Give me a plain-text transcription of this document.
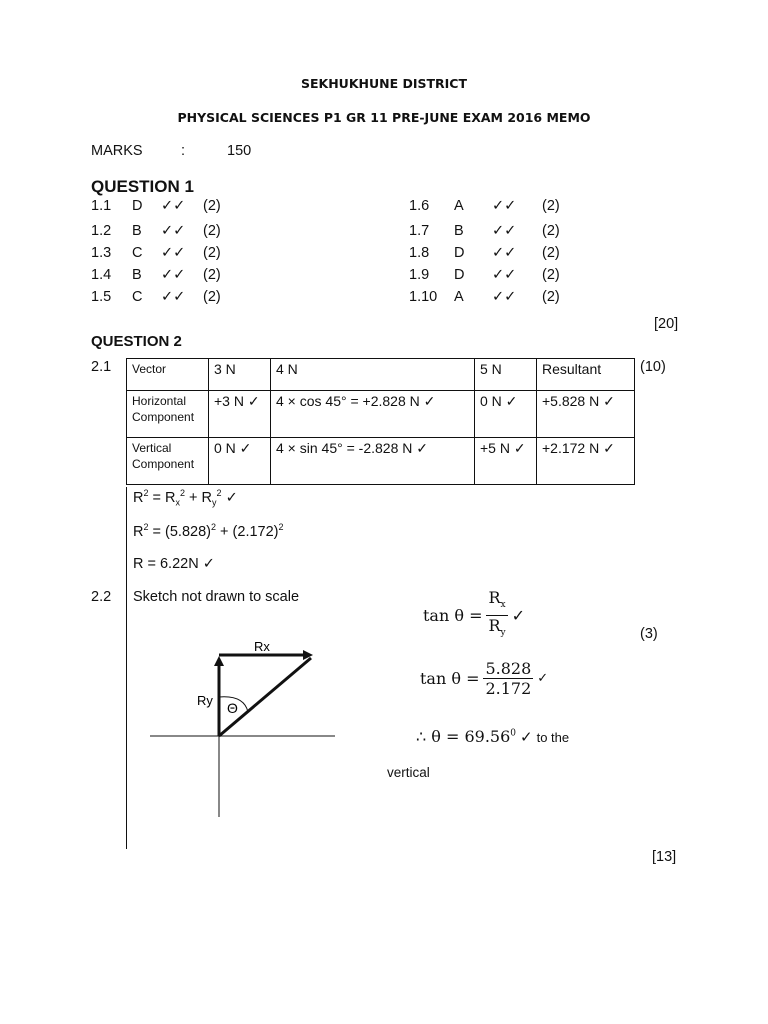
SEKHUKHUNE DISTRICT
PHYSICAL SCIENCES P1 GR 11 PRE-JUNE EXAM 2016 MEMO
MARKS	:	150
QUESTION 1
1.1 D ✓✓ (2)
1.2 B ✓✓ (2)
1.3 C ✓✓ (2)
1.4 B ✓✓ (2)
1.5 C ✓✓ (2)
1.6 A ✓✓ (2)
1.7 B ✓✓ (2)
1.8 D ✓✓ (2)
1.9 D ✓✓ (2)
1.10 A ✓✓ (2)
[20]
QUESTION 2
2.1	(10)
Vector	3 N	4 N	5 N	Resultant
Horizontal Component	+3 N ✓	4 × cos 45° = +2.828 N ✓	0 N ✓	+5.828 N ✓
Vertical Component	0 N ✓	4 × sin 45° = -2.828 N ✓	+5 N ✓	+2.172 N ✓
$R^2 = R_x^2 + R_y^2$ ✓
$R^2 = (5.828)^2 + (2.172)^2$
R = 6.22N ✓
2.2 Sketch not drawn to scale
Rx
Ry Θ
$\tan \theta = \frac{R_x}{R_y}$ ✓
(3)
$\tan \theta = \frac{5.828}{2.172}$ ✓
∴ $\theta = 69.56^0$ ✓ to the
vertical
[13]
